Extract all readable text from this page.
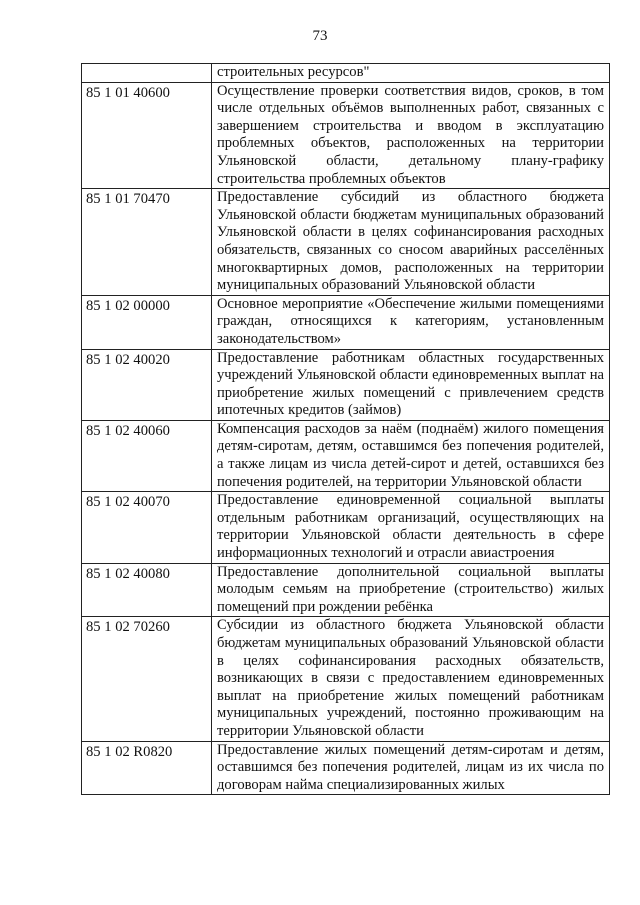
73
	строительных ресурсов"
85 1 01 40600	Осуществление проверки соответствия видов, сроков, в том числе отдельных объёмов выполненных работ, связанных с завершением строительства и вводом в эксплуатацию проблемных объектов, расположенных на территории Ульяновской области, детальному плану-графику строительства проблемных объектов
85 1 01 70470	Предоставление субсидий из областного бюджета Ульяновской области бюджетам муниципальных образований Ульяновской области в целях софинансирования расходных обязательств, связанных со сносом аварийных расселённых многоквартирных домов, расположенных на территории муниципальных образований Ульяновской области
85 1 02 00000	Основное мероприятие «Обеспечение жилыми помещениями граждан, относящихся к категориям, установленным законодательством»
85 1 02 40020	Предоставление работникам областных государственных учреждений Ульяновской области единовременных выплат на приобретение жилых помещений с привлечением средств ипотечных кредитов (займов)
85 1 02 40060	Компенсация расходов за наём (поднаём) жилого помещения детям-сиротам, детям, оставшимся без попечения родителей, а также лицам из числа детей-сирот и детей, оставшихся без попечения родителей, на территории Ульяновской области
85 1 02 40070	Предоставление единовременной социальной выплаты отдельным работникам организаций, осуществляющих на территории Ульяновской области деятельность в сфере информационных технологий и отрасли авиастроения
85 1 02 40080	Предоставление дополнительной социальной выплаты молодым семьям на приобретение (строительство) жилых помещений при рождении ребёнка
85 1 02 70260	Субсидии из областного бюджета Ульяновской области бюджетам муниципальных образований Ульяновской области в целях софинансирования расходных обязательств, возникающих в связи с предоставлением единовременных выплат на приобретение жилых помещений работникам муниципальных учреждений, постоянно проживающим на территории Ульяновской области
85 1 02 R0820	Предоставление жилых помещений детям-сиротам и детям, оставшимся без попечения родителей, лицам из их числа по договорам найма специализированных жилых
